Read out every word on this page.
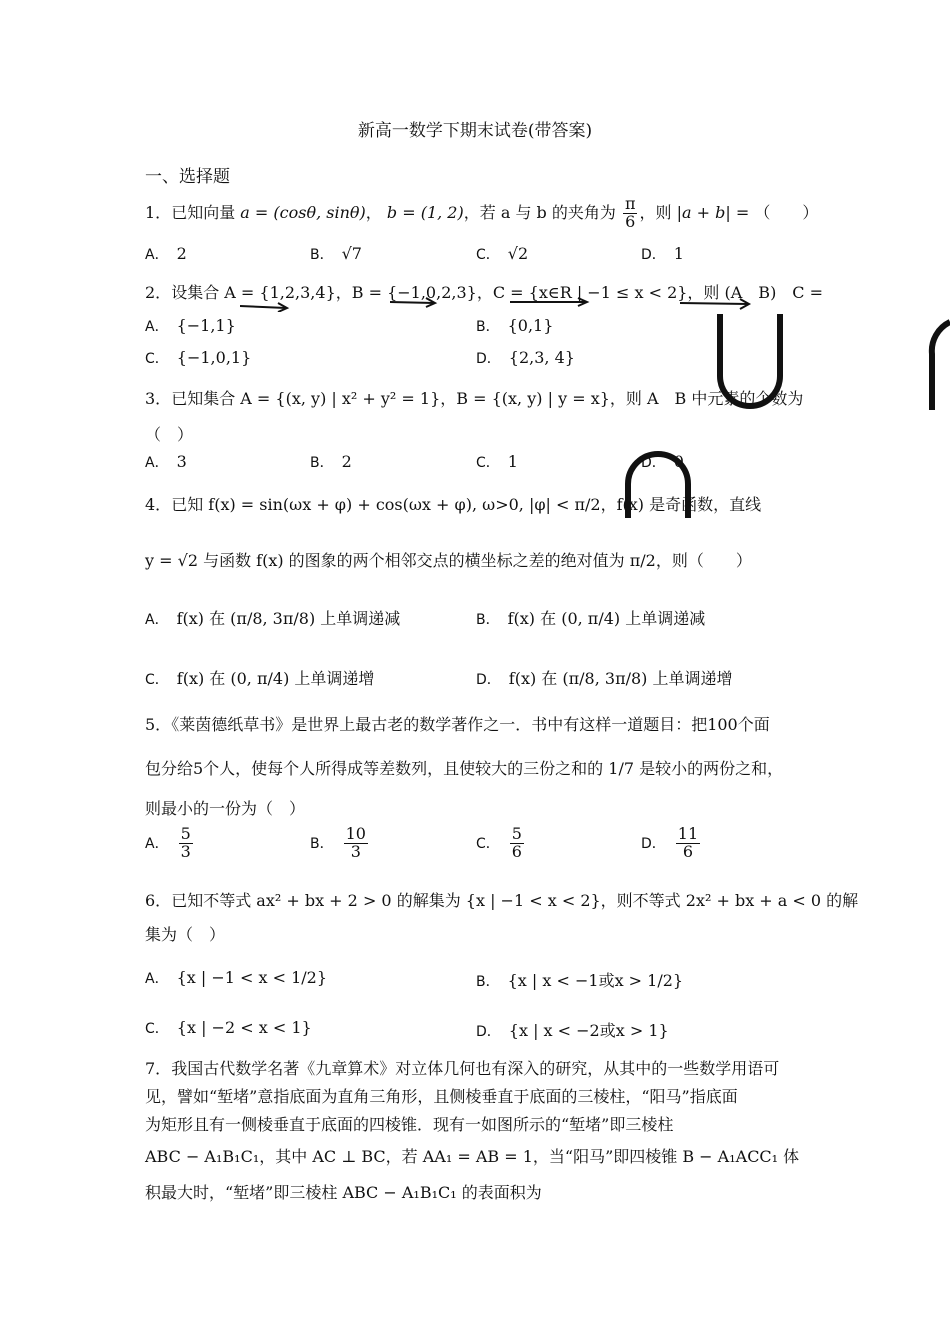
新高一数学下期末试卷(带答案)
一、选择题
1．已知向量 a = (cosθ, sinθ)， b = (1, 2)，若 a 与 b 的夹角为 $\frac{\pi}{6}$ ，则 |a + b| = （　　）
A． 2	B． √7	C． √2	D． 1
2．设集合 A = {1,2,3,4}，B = {−1,0,2,3}，C = {x∈R | −1 ≤ x < 2}，则 (A　B)　C =
A． {−1,1}	B． {0,1}
C． {−1,0,1}	D． {2,3, 4}
3．已知集合 A = {(x, y) | x² + y² = 1}，B = {(x, y) | y = x}，则 A　B 中元素的个数为
（　）
A． 3	B． 2	C． 1	D． 0
4．已知 f(x) = sin(ωx + φ) + cos(ωx + φ), ω>0, |φ| < π/2，f(x) 是奇函数，直线
y = √2 与函数 f(x) 的图象的两个相邻交点的横坐标之差的绝对值为 π/2，则（　　）
A． f(x) 在 (π/8, 3π/8) 上单调递减	B． f(x) 在 (0, π/4) 上单调递减
C． f(x) 在 (0, π/4) 上单调递增	D． f(x) 在 (π/8, 3π/8) 上单调递增
5．《莱茵德纸草书》是世界上最古老的数学著作之一．书中有这样一道题目：把100个面
包分给5个人，使每个人所得成等差数列，且使较大的三份之和的 1/7 是较小的两份之和，
则最小的一份为（　）
A． $\frac{5}{3}$	B． $\frac{10}{3}$	C． $\frac{5}{6}$	D． $\frac{11}{6}$
6．已知不等式 ax² + bx + 2 > 0 的解集为 {x | −1 < x < 2}，则不等式 2x² + bx + a < 0 的解
集为（　）
A． {x | −1 < x < 1/2}	B． {x | x < −1或x > 1/2}
C． {x | −2 < x < 1}	D． {x | x < −2或x > 1}
7．我国古代数学名著《九章算术》对立体几何也有深入的研究，从其中的一些数学用语可
见，譬如“堑堵”意指底面为直角三角形，且侧棱垂直于底面的三棱柱，“阳马”指底面
为矩形且有一侧棱垂直于底面的四棱锥．现有一如图所示的“堑堵”即三棱柱
ABC − A₁B₁C₁，其中 AC ⊥ BC，若 AA₁ = AB = 1，当“阳马”即四棱锥 B − A₁ACC₁ 体
积最大时，“堑堵”即三棱柱 ABC − A₁B₁C₁ 的表面积为
